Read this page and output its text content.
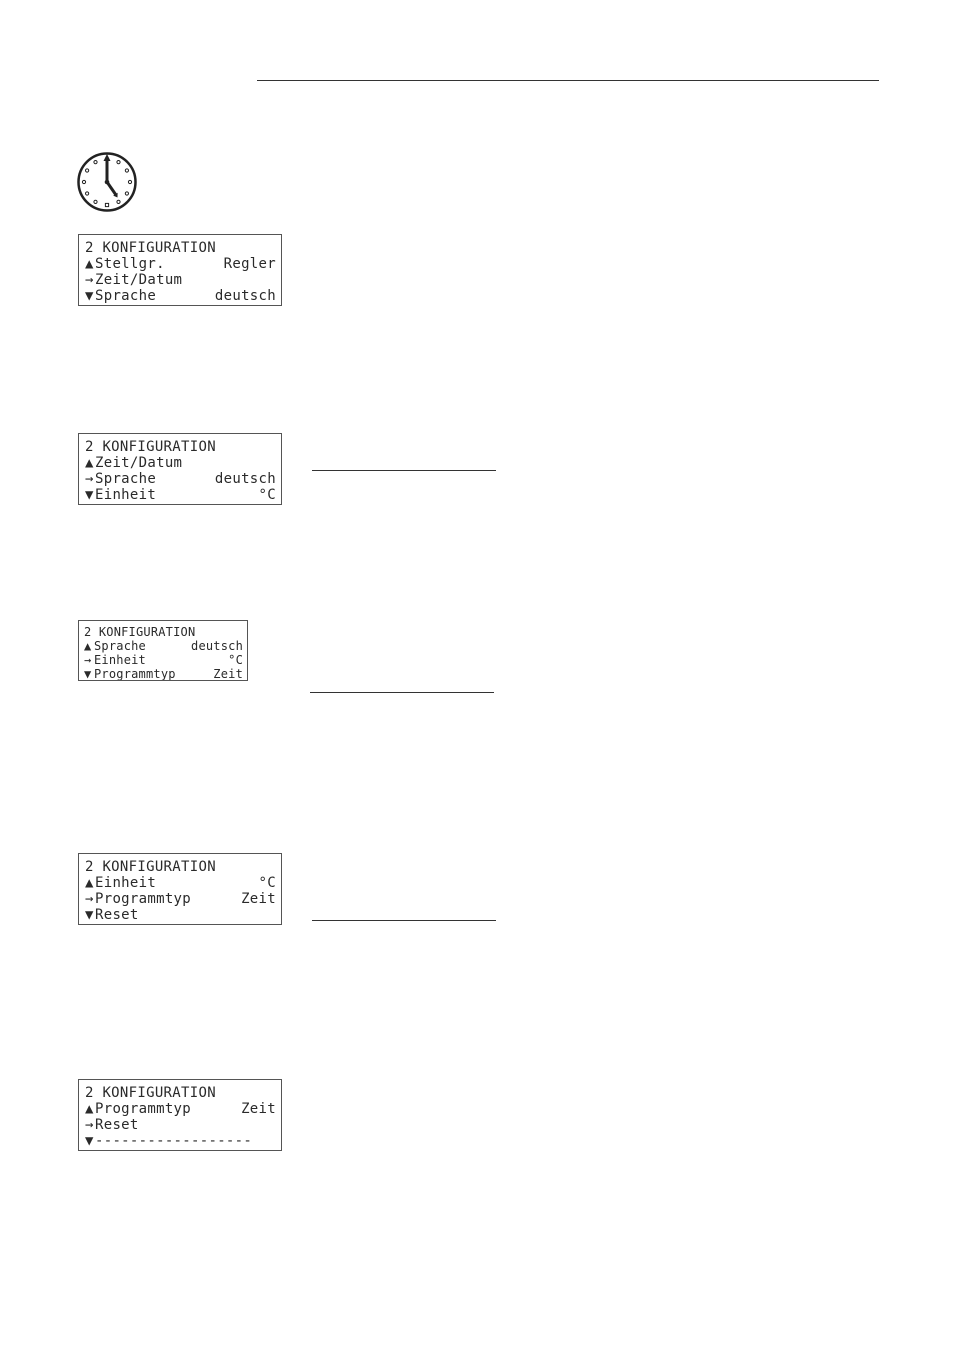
2 KONFIGURATION
▲Stellgr.	Regler
→Zeit/Datum
▼Sprache	deutsch
2 KONFIGURATION
▲Zeit/Datum
→Sprache	deutsch
▼Einheit	°C
2 KONFIGURATION
▲ Sprache	deutsch
→ Einheit	°C
▼ Programmtyp	Zeit
2 KONFIGURATION
▲Einheit	°C
→Programmtyp	Zeit
▼Reset
2 KONFIGURATION
▲Programmtyp	Zeit
→Reset
▼------------------
